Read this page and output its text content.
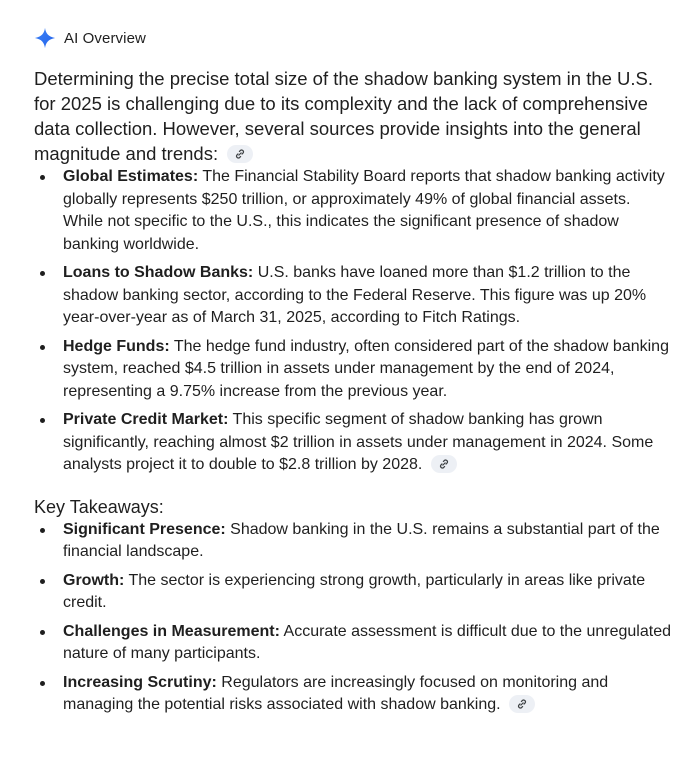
AI Overview
Determining the precise total size of the shadow banking system in the U.S. for 2025 is challenging due to its complexity and the lack of comprehensive data collection. However, several sources provide insights into the general magnitude and trends:
Global Estimates: The Financial Stability Board reports that shadow banking activity globally represents $250 trillion, or approximately 49% of global financial assets. While not specific to the U.S., this indicates the significant presence of shadow banking worldwide.
Loans to Shadow Banks: U.S. banks have loaned more than $1.2 trillion to the shadow banking sector, according to the Federal Reserve. This figure was up 20% year-over-year as of March 31, 2025, according to Fitch Ratings.
Hedge Funds: The hedge fund industry, often considered part of the shadow banking system, reached $4.5 trillion in assets under management by the end of 2024, representing a 9.75% increase from the previous year.
Private Credit Market: This specific segment of shadow banking has grown significantly, reaching almost $2 trillion in assets under management in 2024. Some analysts project it to double to $2.8 trillion by 2028.
Key Takeaways:
Significant Presence: Shadow banking in the U.S. remains a substantial part of the financial landscape.
Growth: The sector is experiencing strong growth, particularly in areas like private credit.
Challenges in Measurement: Accurate assessment is difficult due to the unregulated nature of many participants.
Increasing Scrutiny: Regulators are increasingly focused on monitoring and managing the potential risks associated with shadow banking.
